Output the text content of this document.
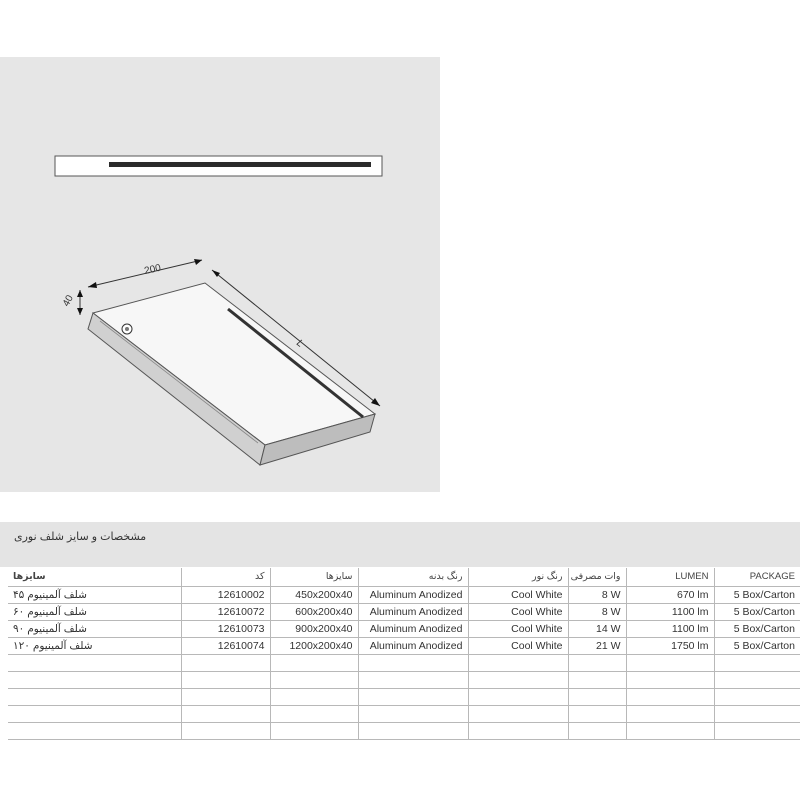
200
40
L
مشخصات و سایز شلف نوری
سایزها	کد	سایزها	رنگ بدنه	رنگ نور	وات مصرفی	LUMEN	PACKAGE
شلف آلمینیوم ۴۵	12610002	450x200x40	Aluminum Anodized	Cool White	8 W	670 lm	5 Box/Carton
شلف آلمینیوم ۶۰	12610072	600x200x40	Aluminum Anodized	Cool White	8 W	1100 lm	5 Box/Carton
شلف آلمینیوم ۹۰	12610073	900x200x40	Aluminum Anodized	Cool White	14 W	1100 lm	5 Box/Carton
شلف آلمینیوم ۱۲۰	12610074	1200x200x40	Aluminum Anodized	Cool White	21 W	1750 lm	5 Box/Carton
